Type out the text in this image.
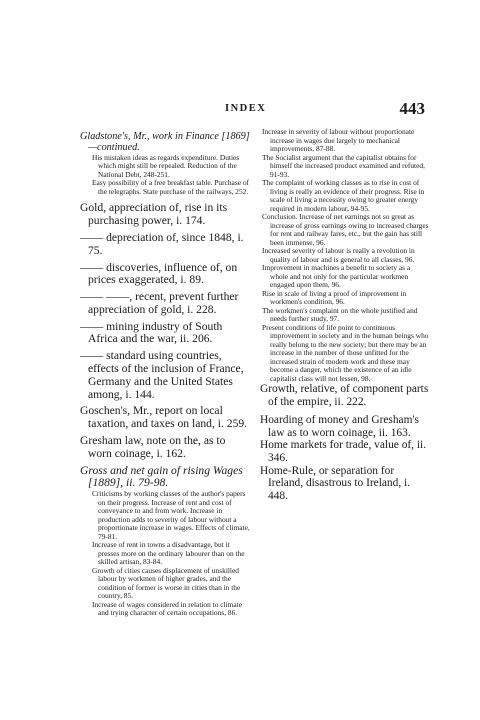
INDEX	443

Gladstone's, Mr., work in Finance [1869]—continued.

His mistaken ideas as regards expenditure. Duties which might still be repealed. Reduction of the National Debt, 248-251.

Easy possibility of a free breakfast table. Purchase of the telegraphs. State purchase of the railways, 252.

Gold, appreciation of, rise in its purchasing power, i. 174.

—— depreciation of, since 1848, i. 75.

—— discoveries, influence of, on prices exaggerated, i. 89.

—— ——, recent, prevent further appreciation of gold, i. 228.

—— mining industry of South Africa and the war, ii. 206.

—— standard using countries, effects of the inclusion of France, Germany and the United States among, i. 144.

Goschen's, Mr., report on local taxation, and taxes on land, i. 259.

Gresham law, note on the, as to worn coinage, i. 162.

Gross and net gain of rising Wages [1889], ii. 79-98.

Criticisms by working classes of the author's papers on their progress. Increase of rent and cost of conveyance to and from work. Increase in production adds to severity of labour without a proportionate increase in wages. Effects of climate, 79-81.

Increase of rent in towns a disadvantage, but it presses more on the ordinary labourer than on the skilled artisan, 83-84.

Growth of cities causes displacement of unskilled labour by workmen of higher grades, and the condition of former is worse in cities than in the country, 85.

Increase of wages considered in relation to climate and trying character of certain occupations, 86.

Increase in severity of labour without proportionate increase in wages due largely to mechanical improvements, 87-88.

The Socialist argument that the capitalist obtains for himself the increased product examined and refuted, 91-93.

The complaint of working classes as to rise in cost of living is really an evidence of their progress. Rise in scale of living a necessity owing to greater energy required in modern labour, 94-95.

Conclusion. Increase of net earnings not so great as increase of gross earnings owing to increased charges for rent and railway fares, etc., but the gain has still been immense, 96.

Increased severity of labour is really a revolution in quality of labour and is general to all classes, 96.

Improvement in machines a benefit to society as a whole and not only for the particular workmen engaged upon them, 96.

Rise in scale of living a proof of improvement in workmen's condition, 96.

The workmen's complaint on the whole justified and needs further study, 97.

Present conditions of life point to continuous improvement in society and in the human beings who really belong to the new society; but there may be an increase in the number of those unfitted for the increased strain of modern work and these may become a danger, which the existence of an idle capitalist class will not lessen, 98.

Growth, relative, of component parts of the empire, ii. 222.

Hoarding of money and Gresham's law as to worn coinage, ii. 163.

Home markets for trade, value of, ii. 346.

Home-Rule, or separation for Ireland, disastrous to Ireland, i. 448.
